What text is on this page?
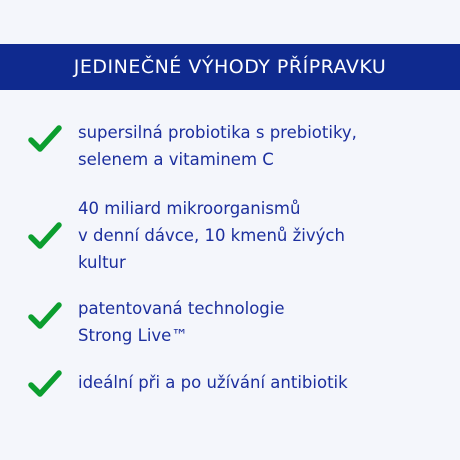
JEDINEČNÉ VÝHODY PŘÍPRAVKU
supersilná probiotika s prebiotiky,
selenem a vitaminem C
40 miliard mikroorganismů
v denní dávce, 10 kmenů živých
kultur
patentovaná technologie
Strong Live™
ideální při a po užívání antibiotik
